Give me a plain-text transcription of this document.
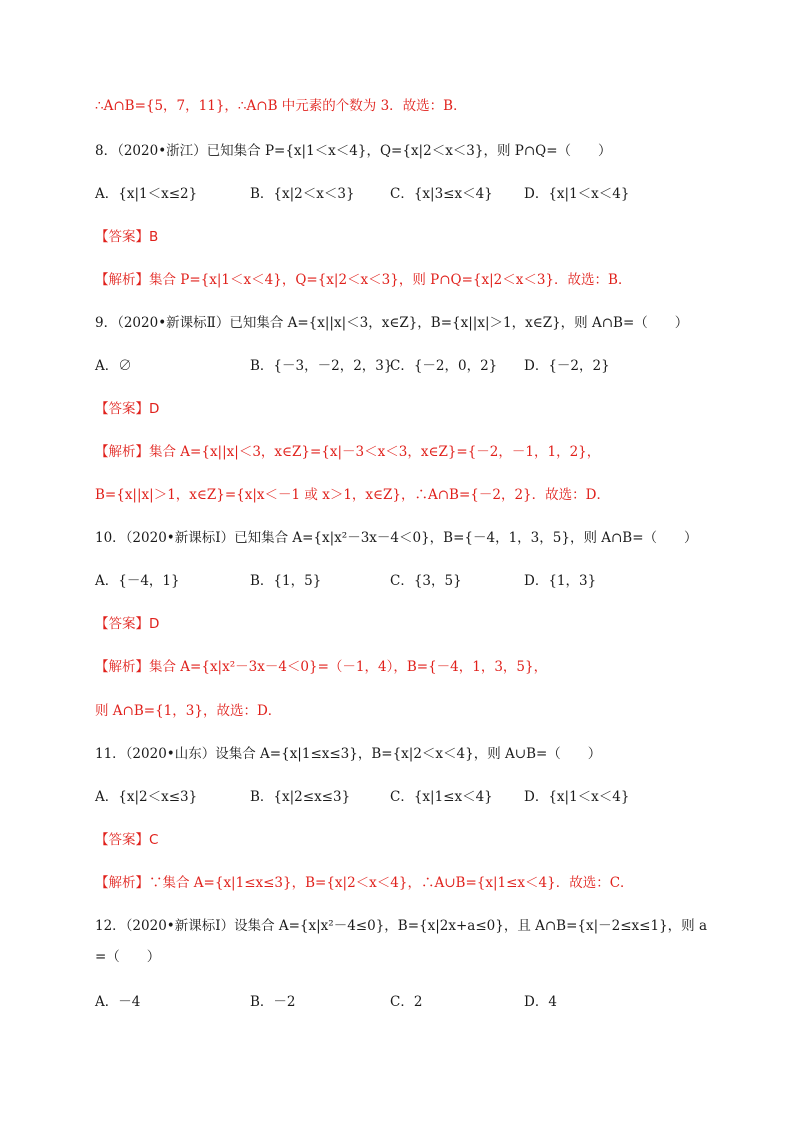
∴A∩B={5，7，11}，∴A∩B 中元素的个数为 3．故选：B．
8．（2020•浙江）已知集合 P={x|1＜x＜4}，Q={x|2＜x＜3}，则 P∩Q=（　　）
A．{x|1＜x≤2}	B．{x|2＜x＜3}	C．{x|3≤x＜4} D．{x|1＜x＜4}
【答案】B
【解析】集合 P={x|1＜x＜4}，Q={x|2＜x＜3}，则 P∩Q={x|2＜x＜3}．故选：B．
9．（2020•新课标Ⅱ）已知集合 A={x||x|＜3，x∈Z}，B={x||x|＞1，x∈Z}，则 A∩B=（　　）
A．∅	B．{－3，－2，2，3}
C．{－2，0，2} D．{－2，2}
【答案】D
【解析】集合 A={x||x|＜3，x∈Z}={x|－3＜x＜3，x∈Z}={－2，－1，1，2}，
B={x||x|＞1，x∈Z}={x|x＜－1 或 x＞1，x∈Z}，∴A∩B={－2，2}．故选：D．
10．（2020•新课标Ⅰ）已知集合 A={x|x²－3x－4＜0}，B={－4，1，3，5}，则 A∩B=（　　）
A．{－4，1}	B．{1，5}	C．{3，5}	D．{1，3}
【答案】D
【解析】集合 A={x|x²－3x－4＜0}=（－1，4），B={－4，1，3，5}，
则 A∩B={1，3}，故选：D．
11．（2020•山东）设集合 A={x|1≤x≤3}，B={x|2＜x＜4}，则 A∪B=（　　）
A．{x|2＜x≤3}	B．{x|2≤x≤3}	C．{x|1≤x＜4} D．{x|1＜x＜4}
【答案】C
【解析】∵集合 A={x|1≤x≤3}，B={x|2＜x＜4}，∴A∪B={x|1≤x＜4}．故选：C．
12．（2020•新课标Ⅰ）设集合 A={x|x²－4≤0}，B={x|2x+a≤0}，且 A∩B={x|－2≤x≤1}，则 a
=（　　）
A．－4	B．－2	C．2	D．4
